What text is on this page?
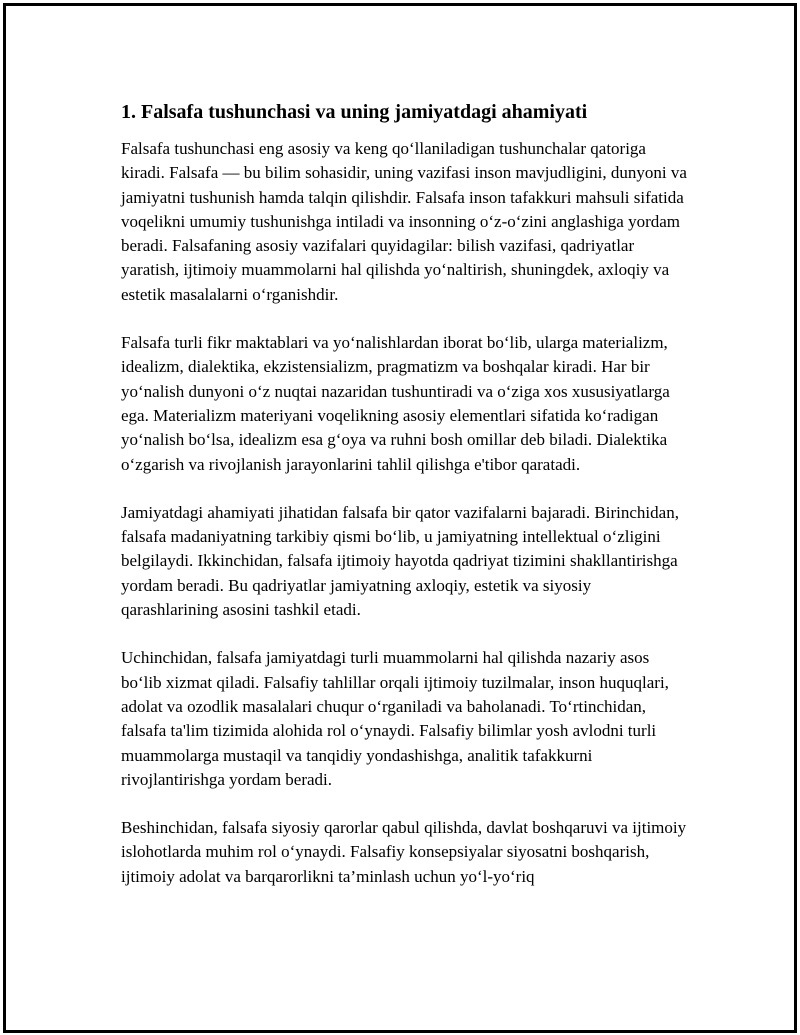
1. Falsafa tushunchasi va uning jamiyatdagi ahamiyati

Falsafa tushunchasi eng asosiy va keng qo‘llaniladigan tushunchalar qatoriga kiradi. Falsafa — bu bilim sohasidir, uning vazifasi inson mavjudligini, dunyoni va jamiyatni tushunish hamda talqin qilishdir. Falsafa inson tafakkuri mahsuli sifatida voqelikni umumiy tushunishga intiladi va insonning o‘z-o‘zini anglashiga yordam beradi. Falsafaning asosiy vazifalari quyidagilar: bilish vazifasi, qadriyatlar yaratish, ijtimoiy muammolarni hal qilishda yo‘naltirish, shuningdek, axloqiy va estetik masalalarni o‘rganishdir.

Falsafa turli fikr maktablari va yo‘nalishlardan iborat bo‘lib, ularga materializm, idealizm, dialektika, ekzistensializm, pragmatizm va boshqalar kiradi. Har bir yo‘nalish dunyoni o‘z nuqtai nazaridan tushuntiradi va o‘ziga xos xususiyatlarga ega. Materializm materiyani voqelikning asosiy elementlari sifatida ko‘radigan yo‘nalish bo‘lsa, idealizm esa g‘oya va ruhni bosh omillar deb biladi. Dialektika o‘zgarish va rivojlanish jarayonlarini tahlil qilishga e'tibor qaratadi.

Jamiyatdagi ahamiyati jihatidan falsafa bir qator vazifalarni bajaradi. Birinchidan, falsafa madaniyatning tarkibiy qismi bo‘lib, u jamiyatning intellektual o‘zligini belgilaydi. Ikkinchidan, falsafa ijtimoiy hayotda qadriyat tizimini shakllantirishga yordam beradi. Bu qadriyatlar jamiyatning axloqiy, estetik va siyosiy qarashlarining asosini tashkil etadi.

Uchinchidan, falsafa jamiyatdagi turli muammolarni hal qilishda nazariy asos bo‘lib xizmat qiladi. Falsafiy tahlillar orqali ijtimoiy tuzilmalar, inson huquqlari, adolat va ozodlik masalalari chuqur o‘rganiladi va baholanadi. To‘rtinchidan, falsafa ta'lim tizimida alohida rol o‘ynaydi. Falsafiy bilimlar yosh avlodni turli muammolarga mustaqil va tanqidiy yondashishga, analitik tafakkurni rivojlantirishga yordam beradi.

Beshinchidan, falsafa siyosiy qarorlar qabul qilishda, davlat boshqaruvi va ijtimoiy islohotlarda muhim rol o‘ynaydi. Falsafiy konsepsiyalar siyosatni boshqarish, ijtimoiy adolat va barqarorlikni ta’minlash uchun yo‘l-yo‘riq
